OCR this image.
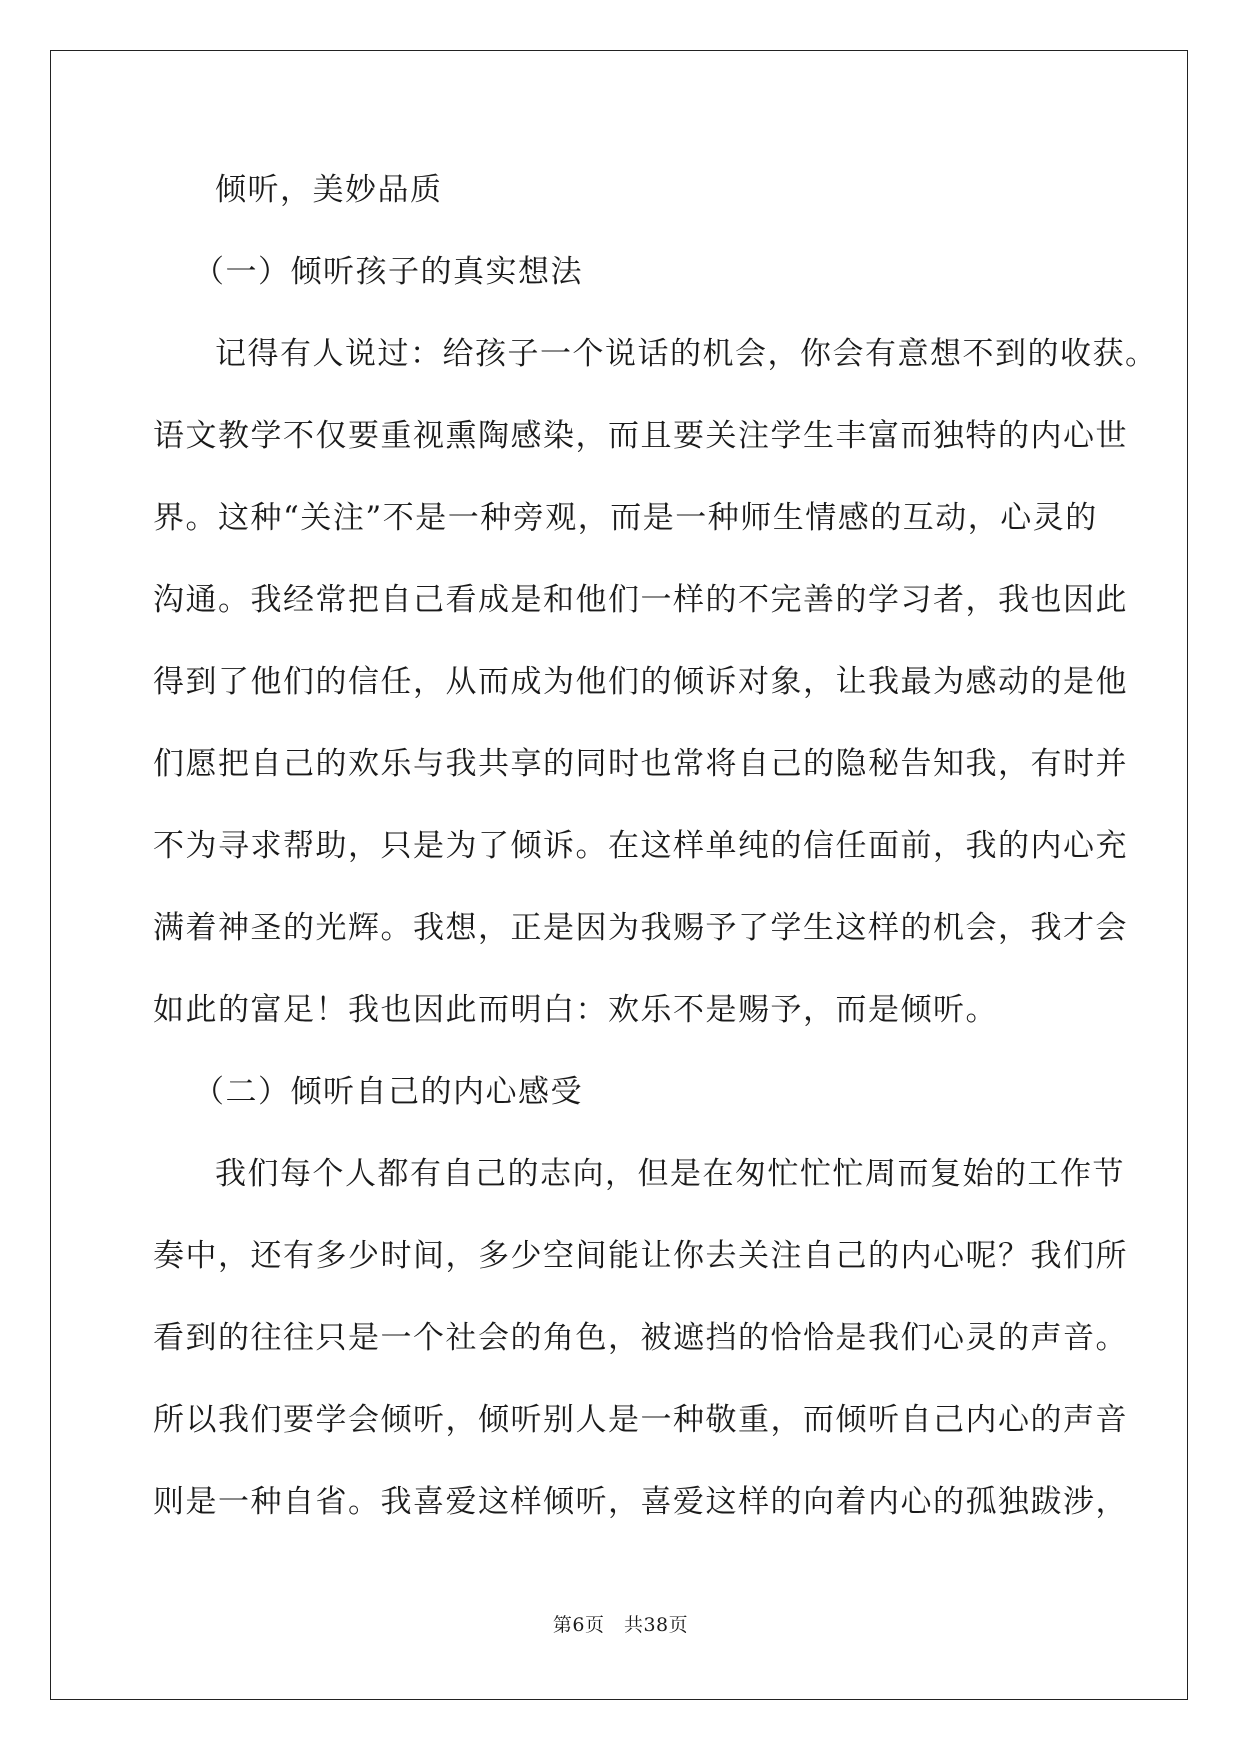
倾听，美妙品质
（一）倾听孩子的真实想法
记得有人说过：给孩子一个说话的机会，你会有意想不到的收获。
语文教学不仅要重视熏陶感染，而且要关注学生丰富而独特的内心世
界。这种“关注”不是一种旁观，而是一种师生情感的互动，心灵的
沟通。我经常把自己看成是和他们一样的不完善的学习者，我也因此
得到了他们的信任，从而成为他们的倾诉对象，让我最为感动的是他
们愿把自己的欢乐与我共享的同时也常将自己的隐秘告知我，有时并
不为寻求帮助，只是为了倾诉。在这样单纯的信任面前，我的内心充
满着神圣的光辉。我想，正是因为我赐予了学生这样的机会，我才会
如此的富足！我也因此而明白：欢乐不是赐予，而是倾听。
（二）倾听自己的内心感受
我们每个人都有自己的志向，但是在匆忙忙忙周而复始的工作节
奏中，还有多少时间，多少空间能让你去关注自己的内心呢？我们所
看到的往往只是一个社会的角色，被遮挡的恰恰是我们心灵的声音。
所以我们要学会倾听，倾听别人是一种敬重，而倾听自己内心的声音
则是一种自省。我喜爱这样倾听，喜爱这样的向着内心的孤独跋涉，
第6页　共38页
